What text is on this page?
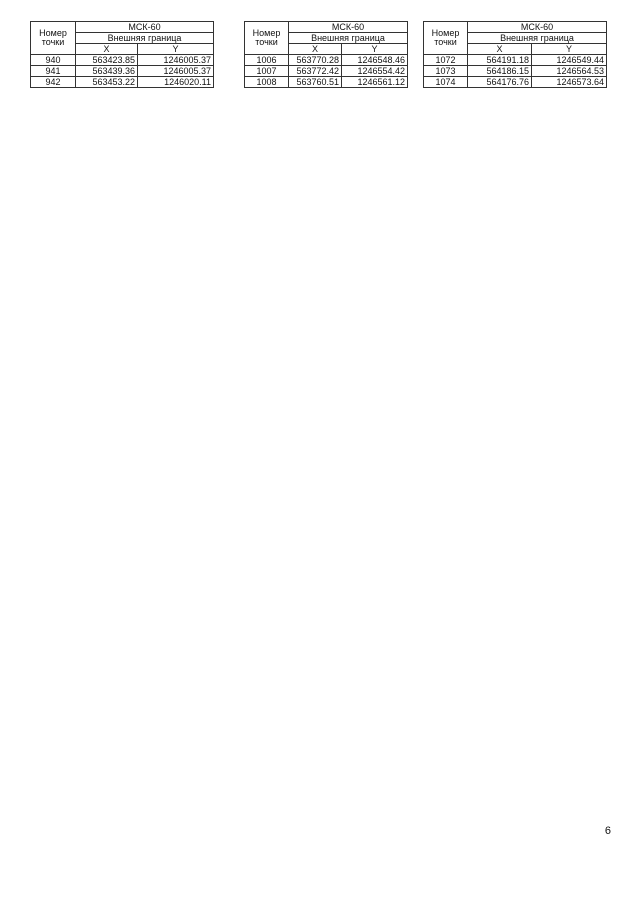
Номер
точки	МСК-60	
	Внешняя граница	
	X	Y
940	563423.85	1246005.37
941	563439.36	1246005.37
942	563453.22	1246020.11
Номер
точки	МСК-60	
	Внешняя граница	
	X	Y
1006	563770.28	1246548.46
1007	563772.42	1246554.42
1008	563760.51	1246561.12
Номер
точки	МСК-60	
	Внешняя граница	
	X	Y
1072	564191.18	1246549.44
1073	564186.15	1246564.53
1074	564176.76	1246573.64
6
